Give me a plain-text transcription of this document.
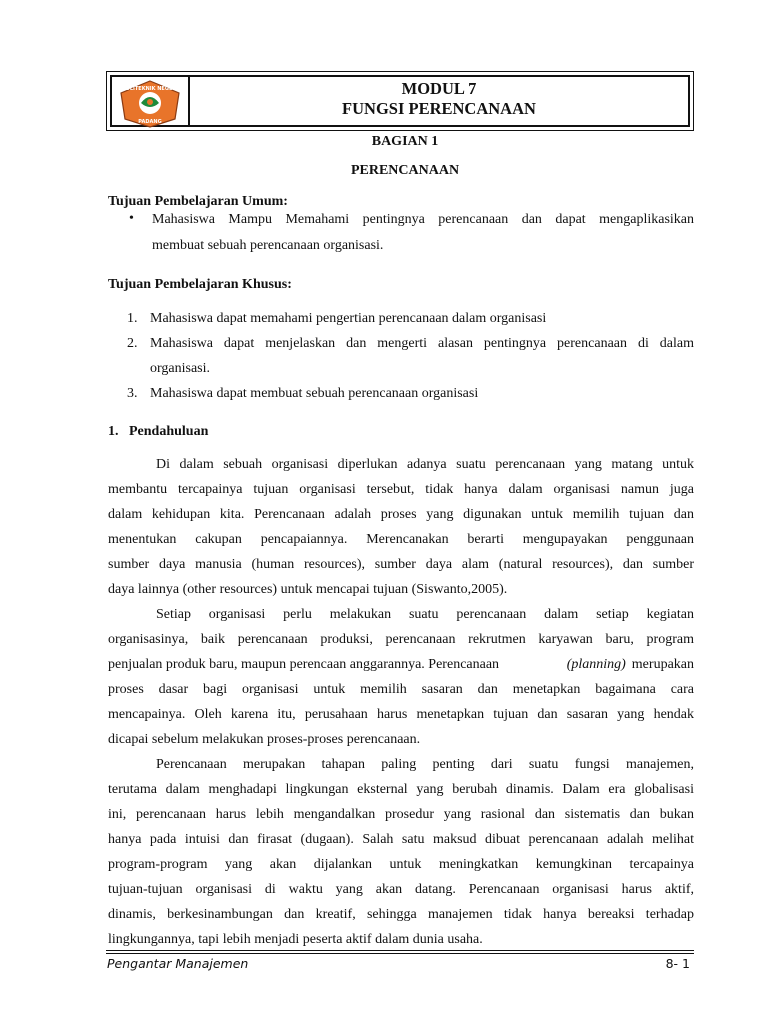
POLITEKNIK NEGERI
PADANG
MODUL 7
FUNGSI PERENCANAAN
BAGIAN 1
PERENCANAAN
Tujuan Pembelajaran Umum:
• Mahasiswa Mampu Memahami pentingnya perencanaan dan dapat mengaplikasikan
membuat sebuah perencanaan organisasi.
Tujuan Pembelajaran Khusus:
1. Mahasiswa dapat memahami pengertian perencanaan dalam organisasi
2. Mahasiswa dapat menjelaskan dan mengerti alasan pentingnya perencanaan di dalam
organisasi.
3. Mahasiswa dapat membuat sebuah perencanaan organisasi
1.   Pendahuluan
Di dalam sebuah organisasi diperlukan adanya suatu perencanaan yang matang untuk
membantu tercapainya tujuan organisasi tersebut, tidak hanya dalam organisasi namun juga
dalam kehidupan kita. Perencanaan adalah proses yang digunakan untuk memilih tujuan dan
menentukan cakupan pencapaiannya. Merencanakan berarti mengupayakan penggunaan
sumber daya manusia (human resources), sumber daya alam (natural resources), dan sumber
daya lainnya (other resources) untuk mencapai tujuan (Siswanto,2005).
Setiap organisasi perlu melakukan suatu perencanaan dalam setiap kegiatan
organisasinya, baik perencanaan produksi, perencanaan rekrutmen karyawan baru, program
penjualan produk baru, maupun perencaan anggarannya. Perencanaan	(planning) merupakan
proses dasar bagi organisasi untuk memilih sasaran dan menetapkan bagaimana cara
mencapainya. Oleh karena itu, perusahaan harus menetapkan tujuan dan sasaran yang hendak
dicapai sebelum melakukan proses-proses perencanaan.
Perencanaan merupakan tahapan paling penting dari suatu fungsi manajemen,
terutama dalam menghadapi lingkungan eksternal yang berubah dinamis. Dalam era globalisasi
ini, perencanaan harus lebih mengandalkan prosedur yang rasional dan sistematis dan bukan
hanya pada intuisi dan firasat (dugaan). Salah satu maksud dibuat perencanaan adalah melihat
program-program yang akan dijalankan untuk meningkatkan kemungkinan tercapainya
tujuan-tujuan organisasi di waktu yang akan datang. Perencanaan organisasi harus aktif,
dinamis, berkesinambungan dan kreatif, sehingga manajemen tidak hanya bereaksi terhadap
lingkungannya, tapi lebih menjadi peserta aktif dalam dunia usaha.
Pengantar Manajemen	8- 1
